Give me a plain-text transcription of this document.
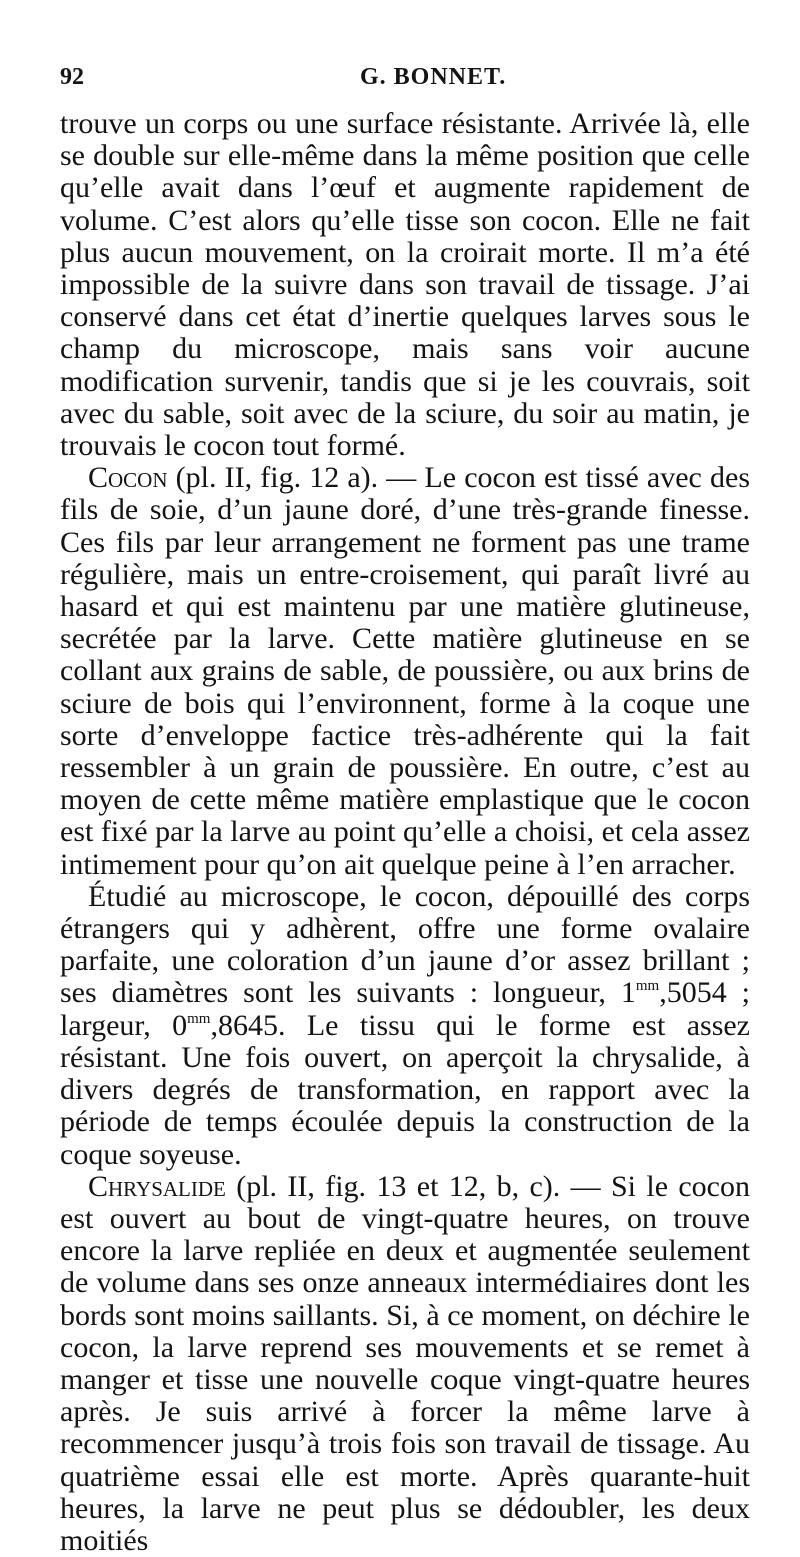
92	G. BONNET.

trouve un corps ou une surface résistante. Arrivée là, elle se double sur elle-même dans la même position que celle qu’elle avait dans l’œuf et augmente rapidement de volume. C’est alors qu’elle tisse son cocon. Elle ne fait plus aucun mouvement, on la croirait morte. Il m’a été impossible de la suivre dans son travail de tissage. J’ai conservé dans cet état d’inertie quelques larves sous le champ du microscope, mais sans voir aucune modification survenir, tandis que si je les couvrais, soit avec du sable, soit avec de la sciure, du soir au matin, je trouvais le cocon tout formé.

Cocon (pl. II, fig. 12 a). — Le cocon est tissé avec des fils de soie, d’un jaune doré, d’une très-grande finesse. Ces fils par leur arrangement ne forment pas une trame régulière, mais un entre-croisement, qui paraît livré au hasard et qui est maintenu par une matière glutineuse, secrétée par la larve. Cette matière glutineuse en se collant aux grains de sable, de poussière, ou aux brins de sciure de bois qui l’environnent, forme à la coque une sorte d’enveloppe factice très-adhérente qui la fait ressembler à un grain de poussière. En outre, c’est au moyen de cette même matière emplastique que le cocon est fixé par la larve au point qu’elle a choisi, et cela assez intimement pour qu’on ait quelque peine à l’en arracher.

Étudié au microscope, le cocon, dépouillé des corps étrangers qui y adhèrent, offre une forme ovalaire parfaite, une coloration d’un jaune d’or assez brillant ; ses diamètres sont les suivants : longueur, $1^{mm},5054$ ; largeur, $0^{mm},8645$. Le tissu qui le forme est assez résistant. Une fois ouvert, on aperçoit la chrysalide, à divers degrés de transformation, en rapport avec la période de temps écoulée depuis la construction de la coque soyeuse.

Chrysalide (pl. II, fig. 13 et 12, b, c). — Si le cocon est ouvert au bout de vingt-quatre heures, on trouve encore la larve repliée en deux et augmentée seulement de volume dans ses onze anneaux intermédiaires dont les bords sont moins saillants. Si, à ce moment, on déchire le cocon, la larve reprend ses mouvements et se remet à manger et tisse une nouvelle coque vingt-quatre heures après. Je suis arrivé à forcer la même larve à recommencer jusqu’à trois fois son travail de tissage. Au quatrième essai elle est morte. Après quarante-huit heures, la larve ne peut plus se dédoubler, les deux moitiés
